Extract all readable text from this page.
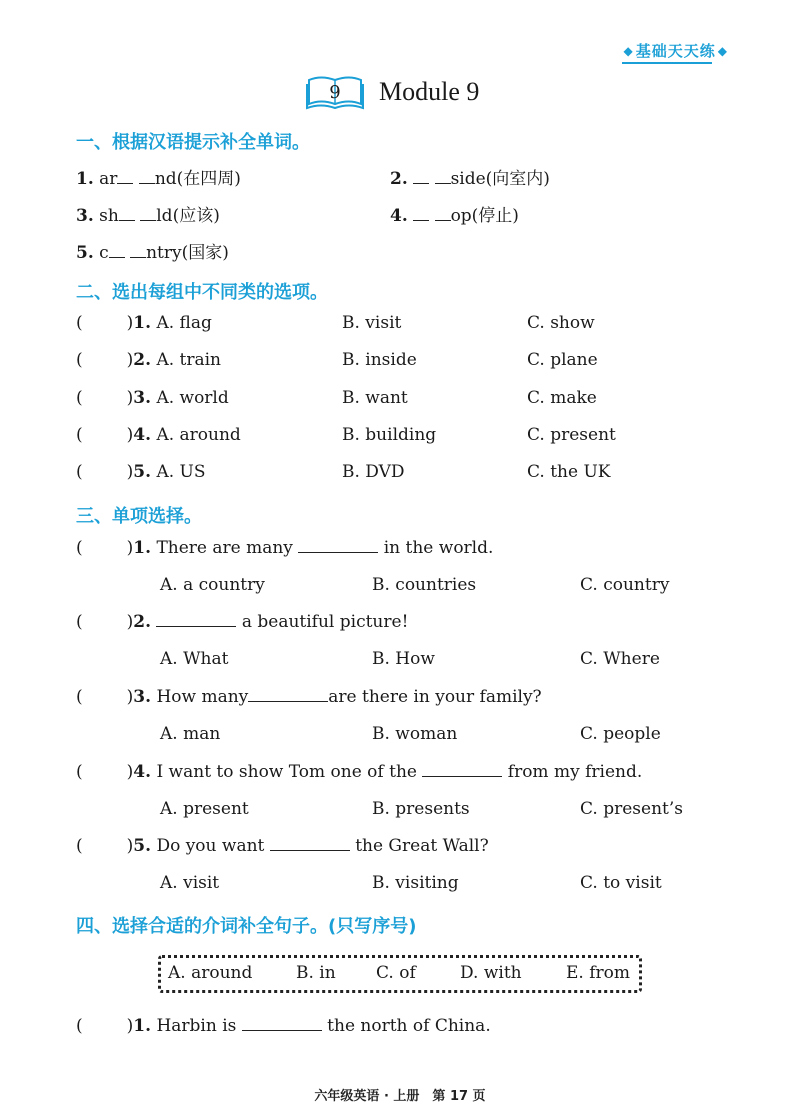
◆ 基础天天练 ◆
9 Module 9
一、根据汉语提示补全单词。
1. ar nd(在四周)	2.	side(向室内)
3. sh ld(应该)	4.	op(停止)
5. c ntry(国家)
二、选出每组中不同类的选项。
(	)1. A. flag	B. visit	C. show
(	)2. A. train	B. inside	C. plane
(	)3. A. world	B. want	C. make
(	)4. A. around	B. building	C. present
(	)5. A. US	B. DVD	C. the UK
三、单项选择。
(	)1. There are many	in the world.
A. a country	B. countries	C. country
(	)2.	a beautiful picture!
A. What	B. How	C. Where
(	)3. How many	are there in your family?
A. man	B. woman	C. people
(	)4. I want to show Tom one of the	from my friend.
A. present	B. presents	C. present’s
(	)5. Do you want	the Great Wall?
A. visit	B. visiting	C. to visit
四、选择合适的介词补全句子。(只写序号)
A. around	B. in C. of	D. with	E. from
(	)1. Harbin is	the north of China.
六年级英语 · 上册　第 17 页
